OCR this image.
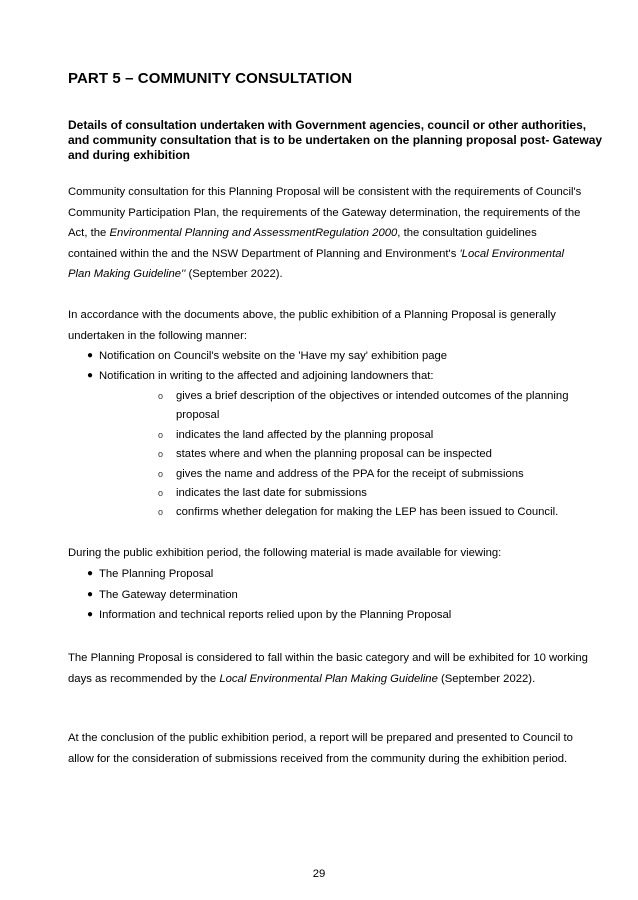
PART 5 – COMMUNITY CONSULTATION

Details of consultation undertaken with Government agencies, council or other authorities, and community consultation that is to be undertaken on the planning proposal post- Gateway and during exhibition

Community consultation for this Planning Proposal will be consistent with the requirements of Council's Community Participation Plan, the requirements of the Gateway determination, the requirements of the Act, the Environmental Planning and AssessmentRegulation 2000, the consultation guidelines contained within the and the NSW Department of Planning and Environment's 'Local Environmental Plan Making Guideline'' (September 2022).

In accordance with the documents above, the public exhibition of a Planning Proposal is generally undertaken in the following manner:

● Notification on Council's website on the 'Have my say' exhibition page
● Notification in writing to the affected and adjoining landowners that:
o gives a brief description of the objectives or intended outcomes of the planning proposal
o indicates the land affected by the planning proposal
o states where and when the planning proposal can be inspected
o gives the name and address of the PPA for the receipt of submissions
o indicates the last date for submissions
o confirms whether delegation for making the LEP has been issued to Council.

During the public exhibition period, the following material is made available for viewing:

● The Planning Proposal
● The Gateway determination
● Information and technical reports relied upon by the Planning Proposal

The Planning Proposal is considered to fall within the basic category and will be exhibited for 10 working days as recommended by the Local Environmental Plan Making Guideline (September 2022).

At the conclusion of the public exhibition period, a report will be prepared and presented to Council to allow for the consideration of submissions received from the community during the exhibition period.

29
